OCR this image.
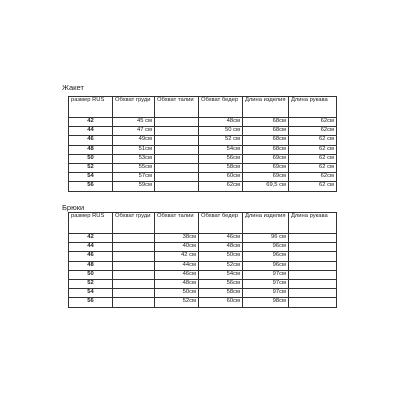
Жакет
размер RUS	Обхват груди	Обхват талии	Обхват бедер	Длина изделия	Длина рукава
42	45 см		48см	68см	62см
44	47 см		50 см	68см	62см
46	49см		52 см	68см	62 см
48	51см		54см	68см	62 см
50	53см		56см	69см	62 см
52	55см		58см	69см	62 см
54	57см		60см	69см	62см
56	59см		62см	69,5 см	62 см
Брюки
размер RUS	Обхват груди	Обхват талии	Обхват бедер	Длина изделия	Длина рукава
42		38см	46см	96 см	
44		40см	48см	96см	
46		42 см	50см	96см	
48		44см	52см	96см	
50		46см	54см	97см	
52		48см	56см	97см	
54		50см	58см	97см	
56		52см	60см	98см	
